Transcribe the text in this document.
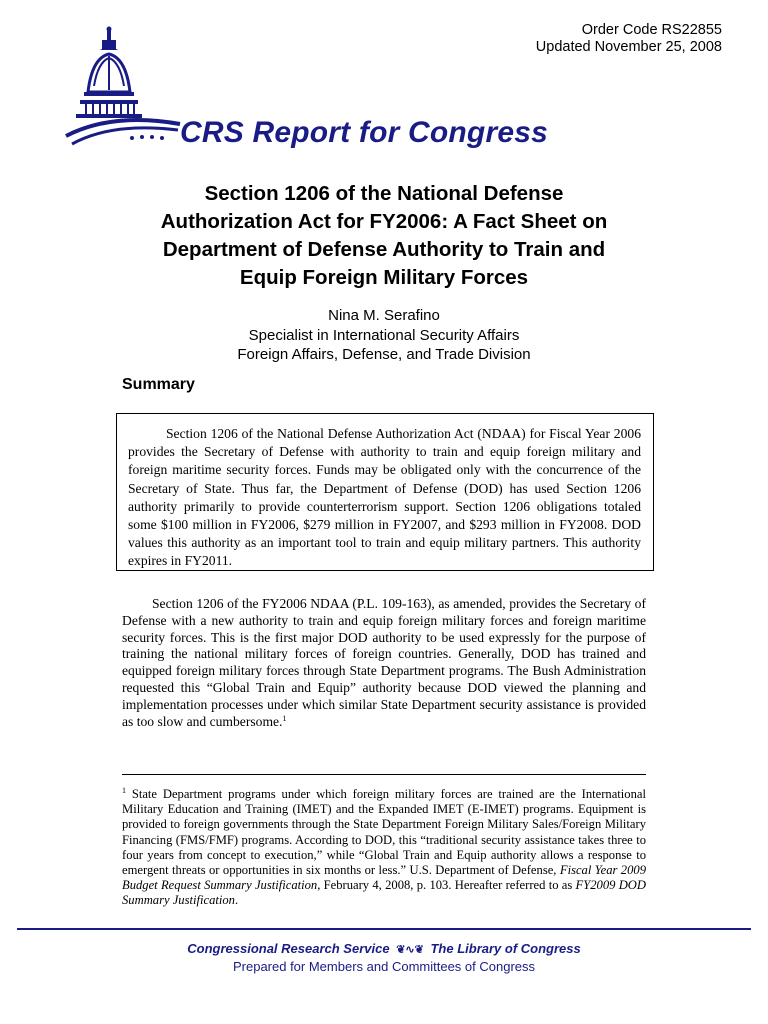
Order Code RS22855
Updated November 25, 2008
CRS Report for Congress
Section 1206 of the National Defense
Authorization Act for FY2006: A Fact Sheet on
Department of Defense Authority to Train and
Equip Foreign Military Forces
Nina M. Serafino
Specialist in International Security Affairs
Foreign Affairs, Defense, and Trade Division
Summary
Section 1206 of the National Defense Authorization Act (NDAA) for Fiscal Year 2006 provides the Secretary of Defense with authority to train and equip foreign military and foreign maritime security forces. Funds may be obligated only with the concurrence of the Secretary of State. Thus far, the Department of Defense (DOD) has used Section 1206 authority primarily to provide counterterrorism support. Section 1206 obligations totaled some $100 million in FY2006, $279 million in FY2007, and $293 million in FY2008. DOD values this authority as an important tool to train and equip military partners. This authority expires in FY2011.
Section 1206 of the FY2006 NDAA (P.L. 109-163), as amended, provides the Secretary of Defense with a new authority to train and equip foreign military forces and foreign maritime security forces. This is the first major DOD authority to be used expressly for the purpose of training the national military forces of foreign countries. Generally, DOD has trained and equipped foreign military forces through State Department programs. The Bush Administration requested this “Global Train and Equip” authority because DOD viewed the planning and implementation processes under which similar State Department security assistance is provided as too slow and cumbersome.$^1$
$^1$ State Department programs under which foreign military forces are trained are the International Military Education and Training (IMET) and the Expanded IMET (E-IMET) programs. Equipment is provided to foreign governments through the State Department Foreign Military Sales/Foreign Military Financing (FMS/FMF) programs. According to DOD, this “traditional security assistance takes three to four years from concept to execution,” while “Global Train and Equip authority allows a response to emergent threats or opportunities in six months or less.” U.S. Department of Defense, Fiscal Year 2009 Budget Request Summary Justification, February 4, 2008, p. 103. Hereafter referred to as FY2009 DOD Summary Justification.
Congressional Research Service ❦∿❦ The Library of Congress
Prepared for Members and Committees of Congress
